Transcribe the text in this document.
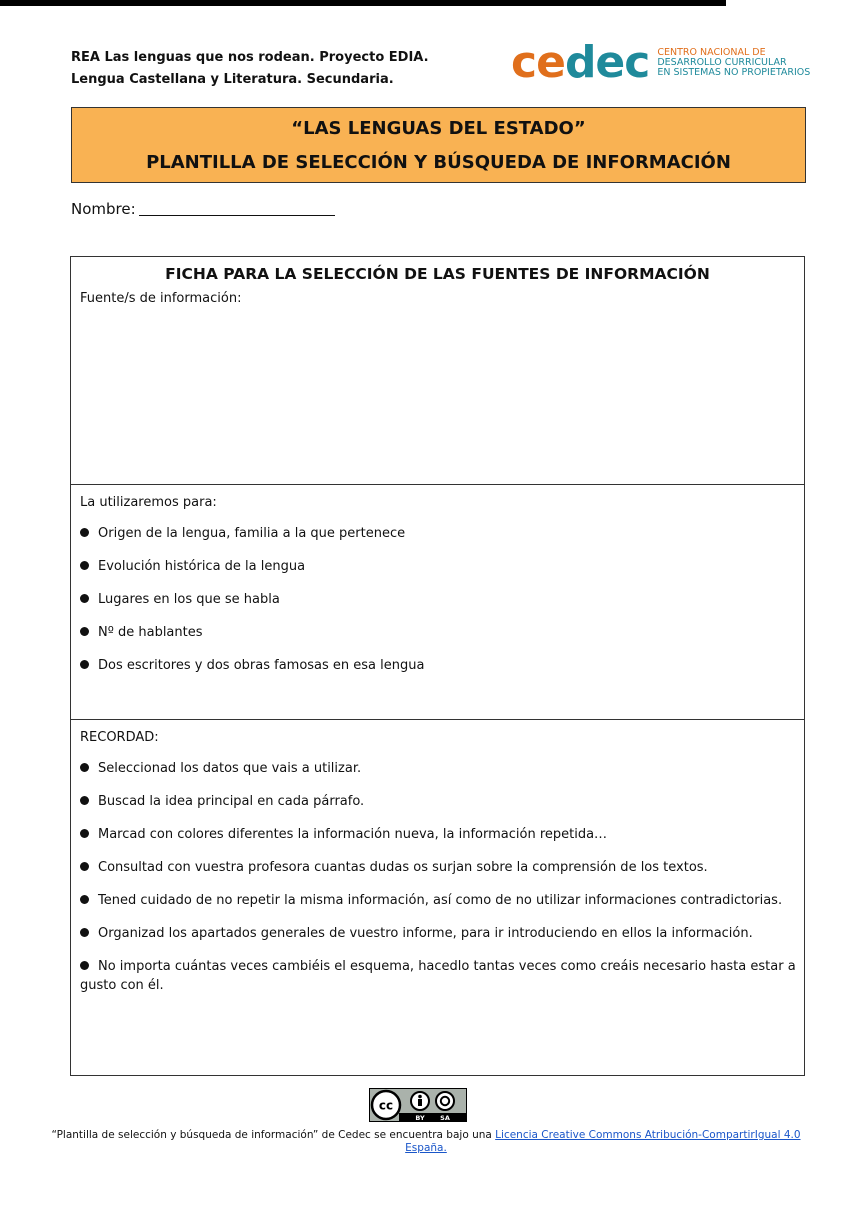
REA Las lenguas que nos rodean. Proyecto EDIA.
Lengua Castellana y Literatura. Secundaria.	cedec CENTRO NACIONAL DE
DESARROLLO CURRICULAR
EN SISTEMAS NO PROPIETARIOS
“LAS LENGUAS DEL ESTADO”
PLANTILLA DE SELECCIÓN Y BÚSQUEDA DE INFORMACIÓN
Nombre:
FICHA PARA LA SELECCIÓN DE LAS FUENTES DE INFORMACIÓN
Fuente/s de información:
La utilizaremos para:
Origen de la lengua, familia a la que pertenece
Evolución histórica de la lengua
Lugares en los que se habla
Nº de hablantes
Dos escritores y dos obras famosas en esa lengua
RECORDAD:
Seleccionad los datos que vais a utilizar.
Buscad la idea principal en cada párrafo.
Marcad con colores diferentes la información nueva, la información repetida…
Consultad con vuestra profesora cuantas dudas os surjan sobre la comprensión de los textos.
Tened cuidado de no repetir la misma información, así como de no utilizar informaciones contradictorias.
Organizad los apartados generales de vuestro informe, para ir introduciendo en ellos la información.
No importa cuántas veces cambiéis el esquema, hacedlo tantas veces como creáis necesario hasta estar a gusto con él.
cc
BY SA
“Plantilla de selección y búsqueda de información” de Cedec se encuentra bajo una Licencia Creative Commons Atribución-CompartirIgual 4.0 España.
